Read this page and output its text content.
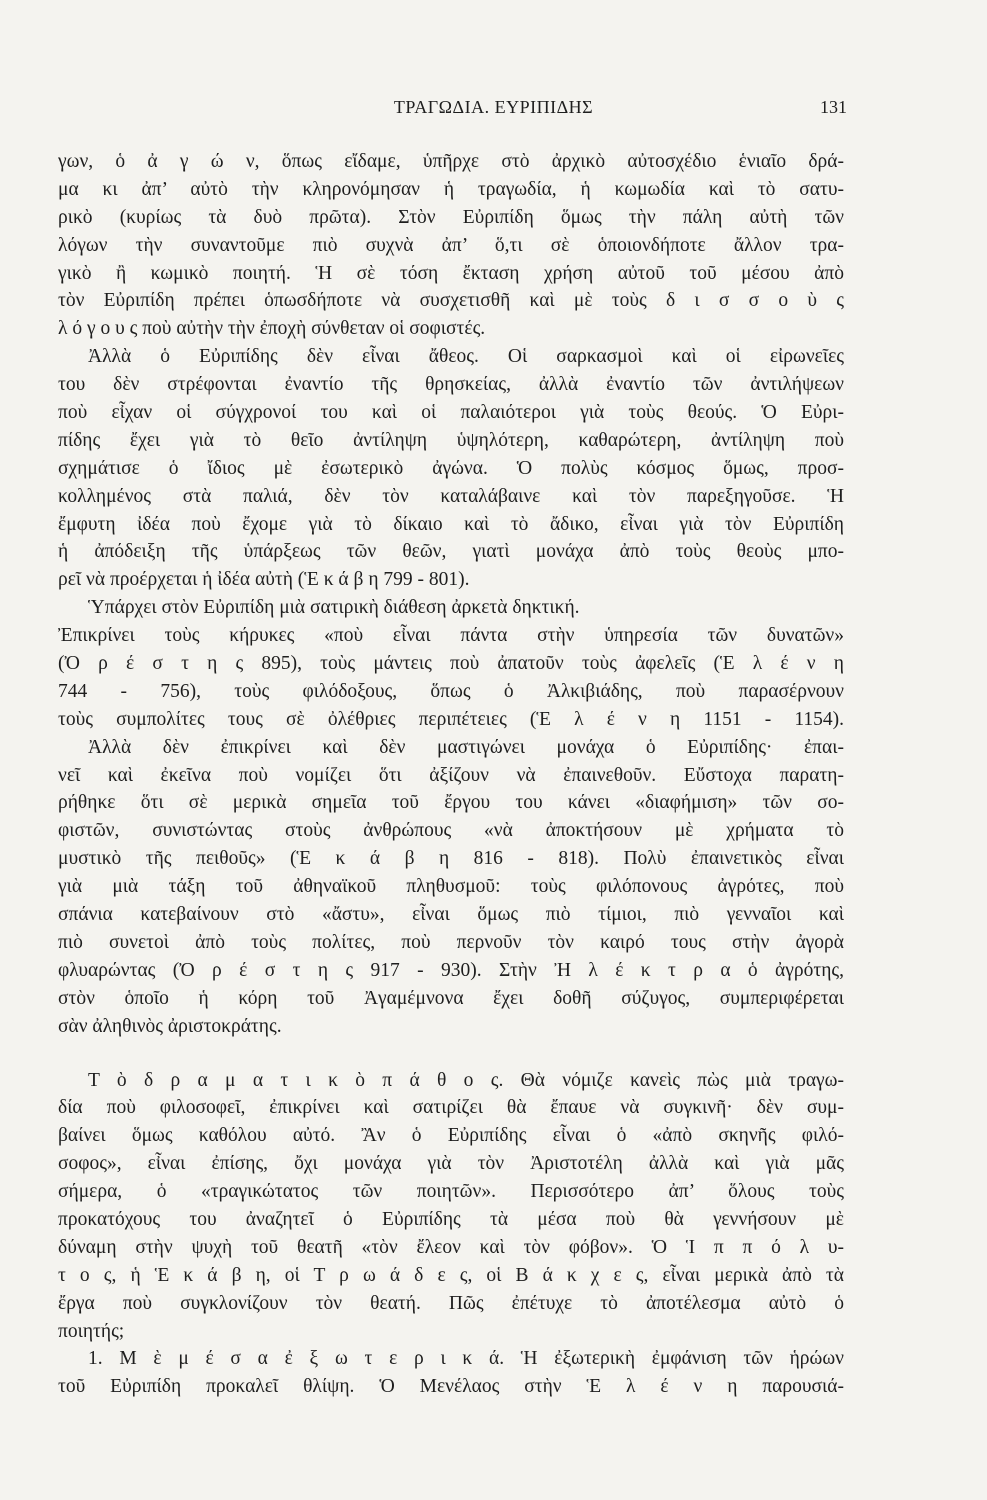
ΤΡΑΓΩΔΙΑ. ΕΥΡΙΠΙΔΗΣ	131
γων, ὁ ἀ γ ώ ν, ὅπως εἴδαμε, ὑπῆρχε στὸ ἀρχικὸ αὐτοσχέδιο ἑνιαῖο δρά-
μα κι ἀπ’ αὐτὸ τὴν κληρονόμησαν ἡ τραγωδία, ἡ κωμωδία καὶ τὸ σατυ-
ρικὸ (κυρίως τὰ δυὸ πρῶτα). Στὸν Εὐριπίδη ὅμως τὴν πάλη αὐτὴ τῶν
λόγων τὴν συναντοῦμε πιὸ συχνὰ ἀπ’ ὅ,τι σὲ ὁποιονδήποτε ἄλλον τρα-
γικὸ ἢ κωμικὸ ποιητή. Ἡ σὲ τόση ἔκταση χρήση αὐτοῦ τοῦ μέσου ἀπὸ
τὸν Εὐριπίδη πρέπει ὁπωσδήποτε νὰ συσχετισθῆ καὶ μὲ τοὺς δ ι σ σ ο ὺ ς
λ ό γ ο υ ς ποὺ αὐτὴν τὴν ἐποχὴ σύνθεταν οἱ σοφιστές.
Ἀλλὰ ὁ Εὐριπίδης δὲν εἶναι ἄθεος. Οἱ σαρκασμοὶ καὶ οἱ εἰρωνεῖες
του δὲν στρέφονται ἐναντίο τῆς θρησκείας, ἀλλὰ ἐναντίο τῶν ἀντιλήψεων
ποὺ εἶχαν οἱ σύγχρονοί του καὶ οἱ παλαιότεροι γιὰ τοὺς θεούς. Ὁ Εὐρι-
πίδης ἔχει γιὰ τὸ θεῖο ἀντίληψη ὑψηλότερη, καθαρώτερη, ἀντίληψη ποὺ
σχημάτισε ὁ ἴδιος μὲ ἐσωτερικὸ ἀγώνα. Ὁ πολὺς κόσμος ὅμως, προσ-
κολλημένος στὰ παλιά, δὲν τὸν καταλάβαινε καὶ τὸν παρεξηγοῦσε. Ἡ
ἔμφυτη ἰδέα ποὺ ἔχομε γιὰ τὸ δίκαιο καὶ τὸ ἄδικο, εἶναι γιὰ τὸν Εὐριπίδη
ἡ ἀπόδειξη τῆς ὑπάρξεως τῶν θεῶν, γιατὶ μονάχα ἀπὸ τοὺς θεοὺς μπο-
ρεῖ νὰ προέρχεται ἡ ἰδέα αὐτὴ (Ἑ κ ά β η 799 - 801).
Ὑπάρχει στὸν Εὐριπίδη μιὰ σατιρικὴ διάθεση ἀρκετὰ δηκτική.
Ἐπικρίνει τοὺς κήρυκες «ποὺ εἶναι πάντα στὴν ὑπηρεσία τῶν δυνατῶν»
(Ὀ ρ έ σ τ η ς 895), τοὺς μάντεις ποὺ ἀπατοῦν τοὺς ἀφελεῖς (Ἑ λ έ ν η
744 - 756), τοὺς φιλόδοξους, ὅπως ὁ Ἀλκιβιάδης, ποὺ παρασέρνουν
τοὺς συμπολίτες τους σὲ ὀλέθριες περιπέτειες (Ἑ λ έ ν η 1151 - 1154).
Ἀλλὰ δὲν ἐπικρίνει καὶ δὲν μαστιγώνει μονάχα ὁ Εὐριπίδης· ἐπαι-
νεῖ καὶ ἐκεῖνα ποὺ νομίζει ὅτι ἀξίζουν νὰ ἐπαινεθοῦν. Εὔστοχα παρατη-
ρήθηκε ὅτι σὲ μερικὰ σημεῖα τοῦ ἔργου του κάνει «διαφήμιση» τῶν σο-
φιστῶν, συνιστώντας στοὺς ἀνθρώπους «νὰ ἀποκτήσουν μὲ χρήματα τὸ
μυστικὸ τῆς πειθοῦς» (Ἑ κ ά β η 816 - 818). Πολὺ ἐπαινετικὸς εἶναι
γιὰ μιὰ τάξη τοῦ ἀθηναϊκοῦ πληθυσμοῦ: τοὺς φιλόπονους ἀγρότες, ποὺ
σπάνια κατεβαίνουν στὸ «ἄστυ», εἶναι ὅμως πιὸ τίμιοι, πιὸ γενναῖοι καὶ
πιὸ συνετοὶ ἀπὸ τοὺς πολίτες, ποὺ περνοῦν τὸν καιρό τους στὴν ἀγορὰ
φλυαρώντας (Ὀ ρ έ σ τ η ς 917 - 930). Στὴν Ἠ λ έ κ τ ρ α ὁ ἀγρότης,
στὸν ὁποῖο ἡ κόρη τοῦ Ἀγαμέμνονα ἔχει δοθῆ σύζυγος, συμπεριφέρεται
σὰν ἀληθινὸς ἀριστοκράτης.
Τ ὸ δ ρ α μ α τ ι κ ὸ π ά θ ο ς. Θὰ νόμιζε κανεὶς πὼς μιὰ τραγω-
δία ποὺ φιλοσοφεῖ, ἐπικρίνει καὶ σατιρίζει θὰ ἔπαυε νὰ συγκινῆ· δὲν συμ-
βαίνει ὅμως καθόλου αὐτό. Ἂν ὁ Εὐριπίδης εἶναι ὁ «ἀπὸ σκηνῆς φιλό-
σοφος», εἶναι ἐπίσης, ὄχι μονάχα γιὰ τὸν Ἀριστοτέλη ἀλλὰ καὶ γιὰ μᾶς
σήμερα, ὁ «τραγικώτατος τῶν ποιητῶν». Περισσότερο ἀπ’ ὅλους τοὺς
προκατόχους του ἀναζητεῖ ὁ Εὐριπίδης τὰ μέσα ποὺ θὰ γεννήσουν μὲ
δύναμη στὴν ψυχὴ τοῦ θεατῆ «τὸν ἔλεον καὶ τὸν φόβον». Ὁ Ἱ π π ό λ υ-
τ ο ς, ἡ Ἑ κ ά β η, οἱ Τ ρ ω ά δ ε ς, οἱ Β ά κ χ ε ς, εἶναι μερικὰ ἀπὸ τὰ
ἔργα ποὺ συγκλονίζουν τὸν θεατή. Πῶς ἐπέτυχε τὸ ἀποτέλεσμα αὐτὸ ὁ
ποιητής;
1. Μ ὲ μ έ σ α ἐ ξ ω τ ε ρ ι κ ά. Ἡ ἐξωτερικὴ ἐμφάνιση τῶν ἡρώων
τοῦ Εὐριπίδη προκαλεῖ θλίψη. Ὁ Μενέλαος στὴν Ἑ λ έ ν η παρουσιά-
